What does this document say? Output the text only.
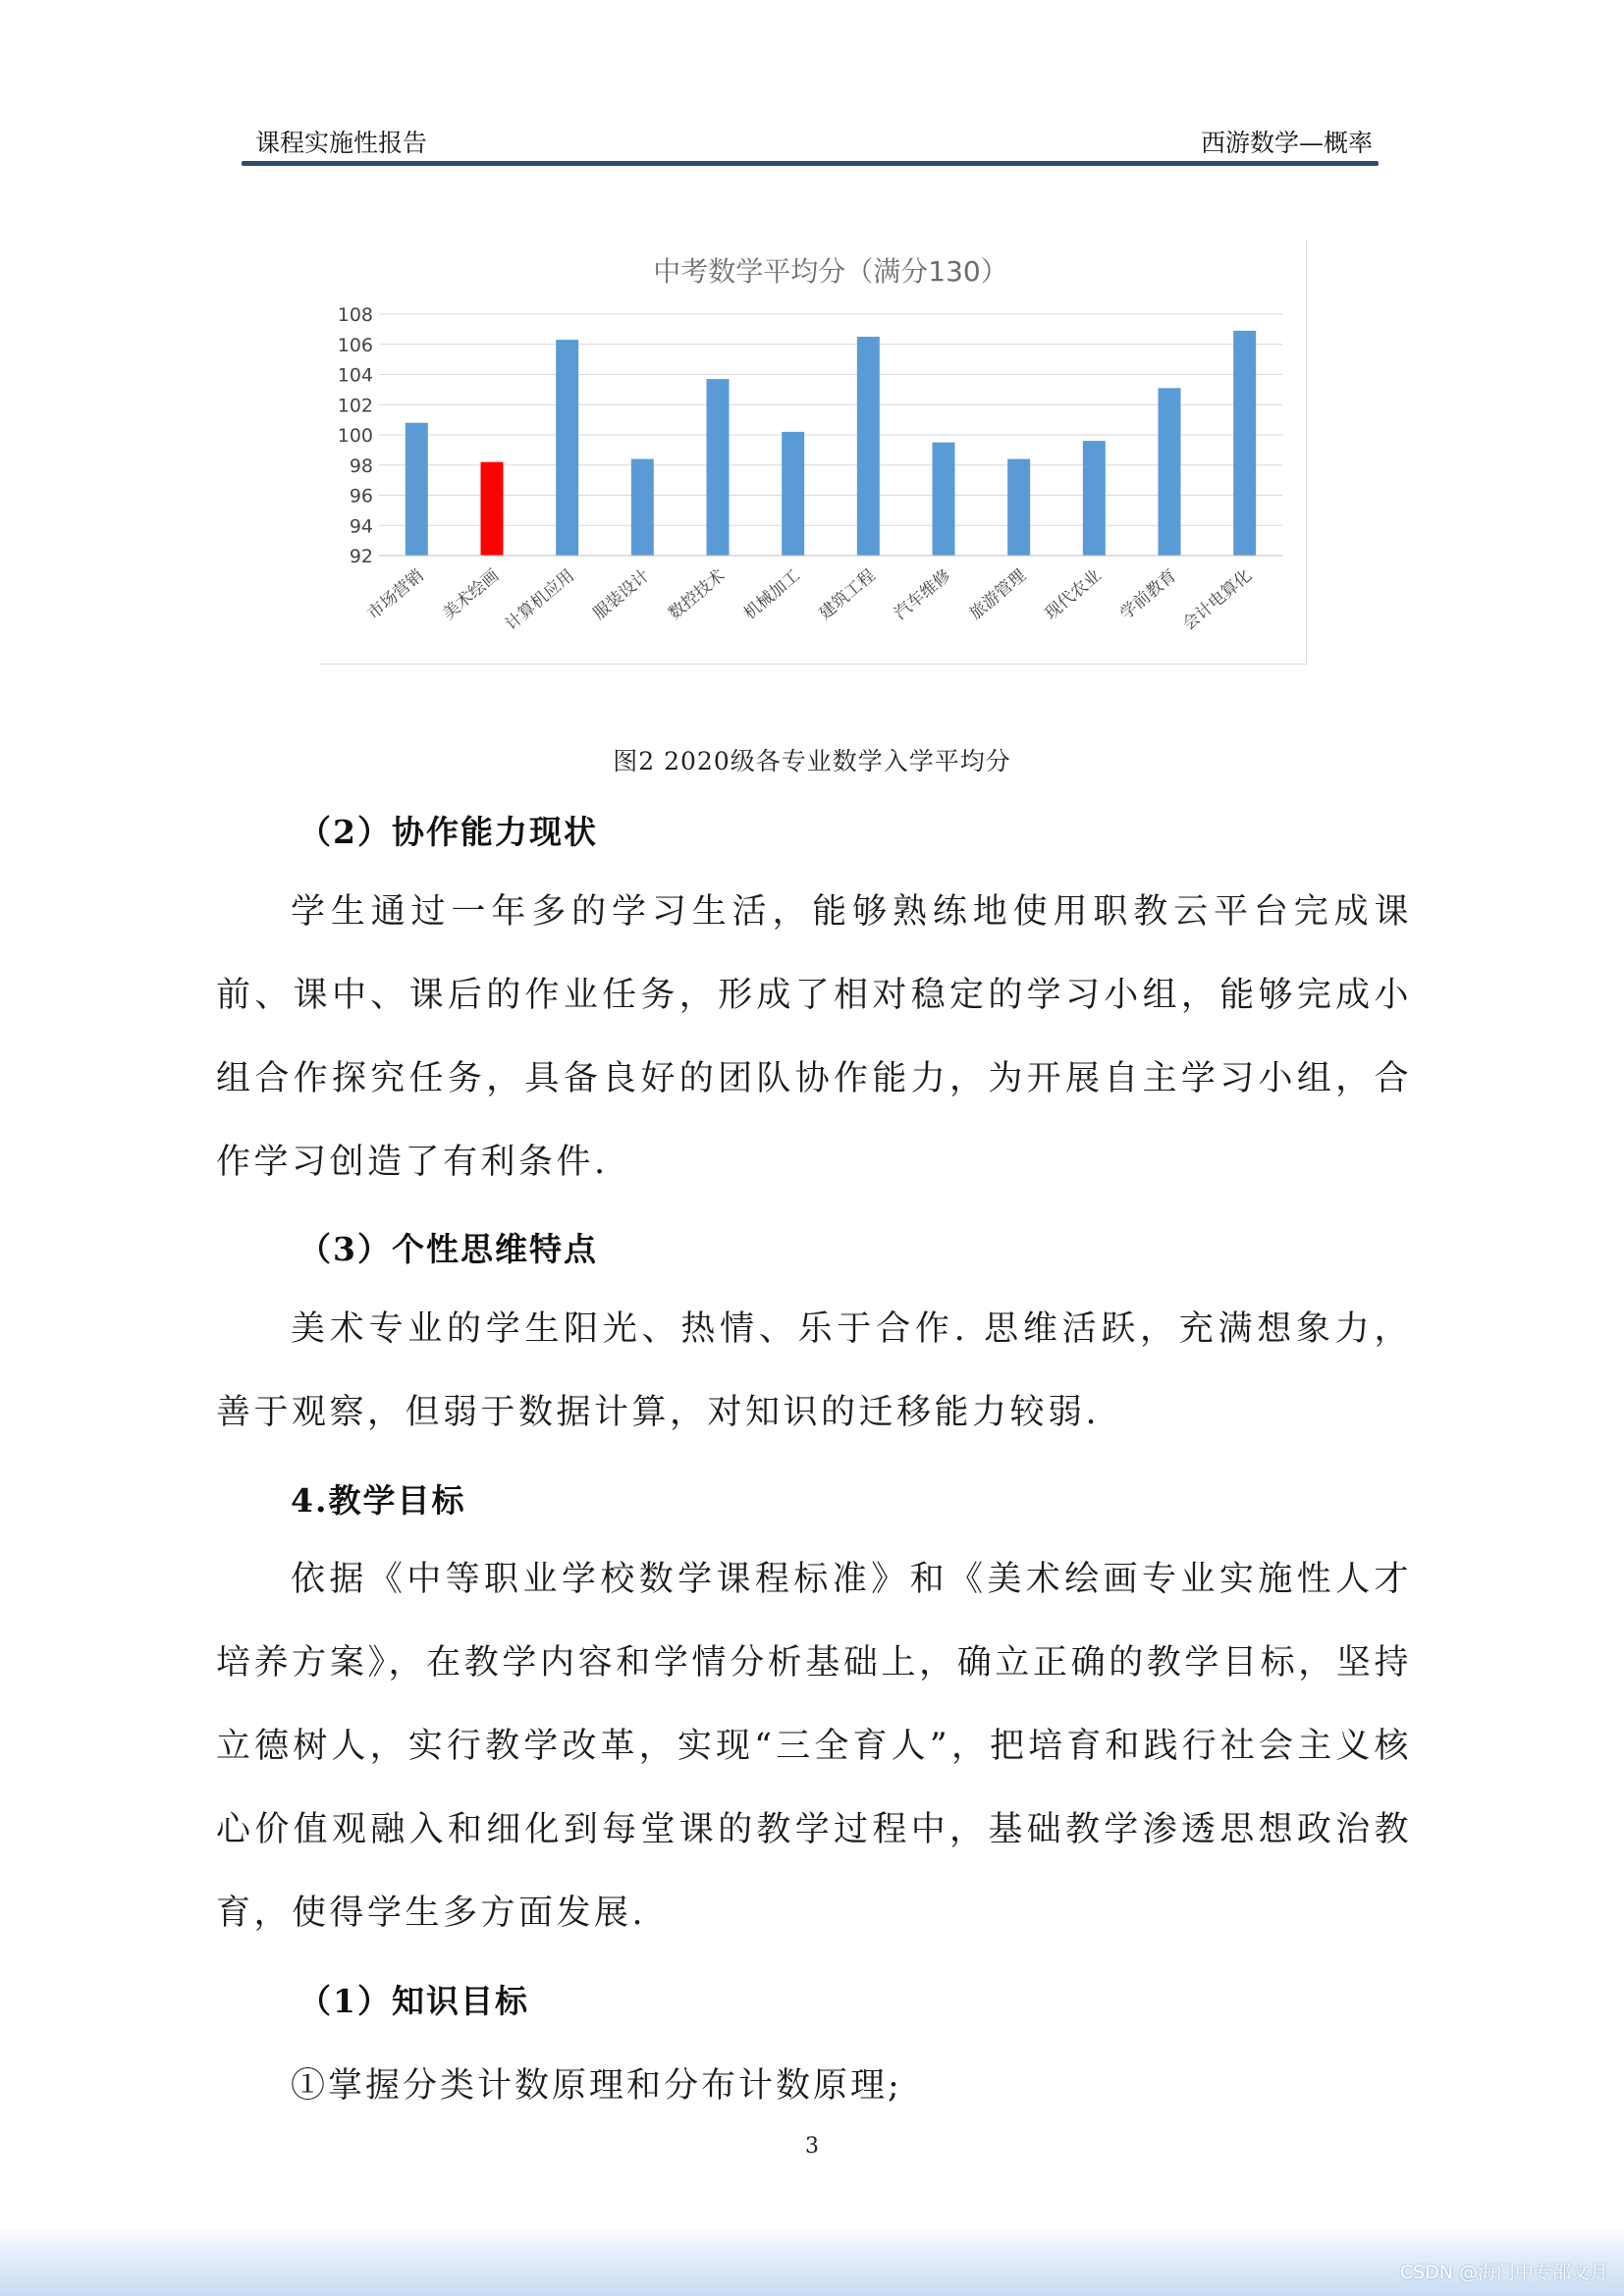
课程实施性报告	西游数学—概率
中考数学平均分（满分130）
92
94
96
98
100
102
104
106
108
市场营销 美术绘画
计算机应用 服装设计 数控技术 机械加工 建筑工程 汽车维修 旅游管理 现代农业 学前教育
会计电算化
图2 2020级各专业数学入学平均分
（2）协作能力现状
学生通过一年多的学习生活，能够熟练地使用职教云平台完成课前、课中、课后的作业任务，形成了相对稳定的学习小组，能够完成小组合作探究任务，具备良好的团队协作能力，为开展自主学习小组，合作学习创造了有利条件.
（3）个性思维特点
美术专业的学生阳光、热情、乐于合作. 思维活跃，充满想象力，善于观察，但弱于数据计算，对知识的迁移能力较弱.
4.教学目标
依据《中等职业学校数学课程标准》和《美术绘画专业实施性人才培养方案》，在教学内容和学情分析基础上，确立正确的教学目标，坚持立德树人，实行教学改革，实现“三全育人”，把培育和践行社会主义核心价值观融入和细化到每堂课的教学过程中，基础教学渗透思想政治教育，使得学生多方面发展.
（1）知识目标
①掌握分类计数原理和分布计数原理;
3
CSDN @海门中专邵文月
